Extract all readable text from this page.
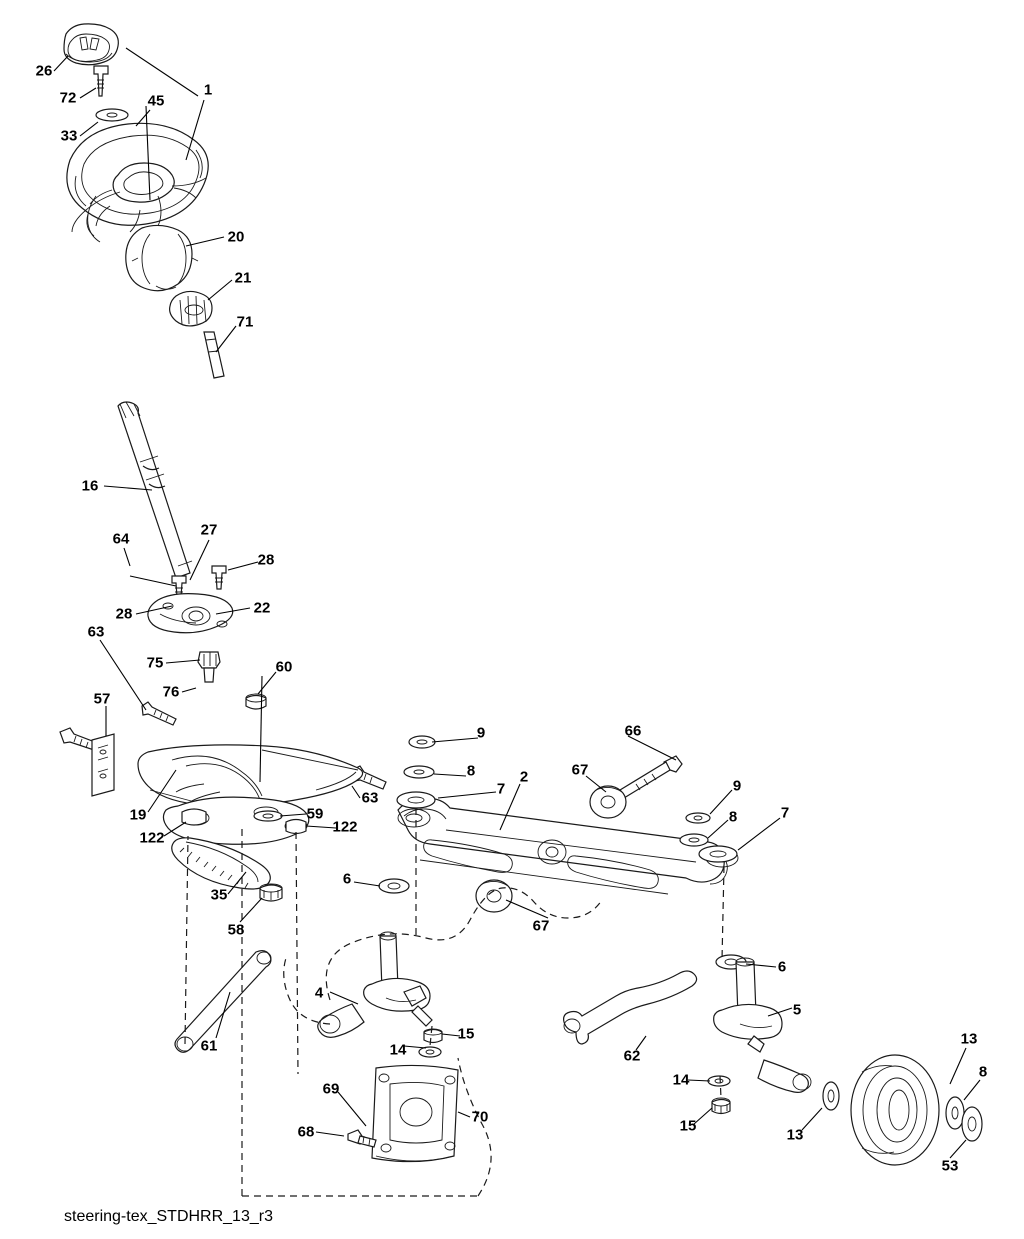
26
72	1
45
33
20
21
71
16
64
27
28
28	22
63
75	60
76
57
9	66
8	67
7
2
9
19
63
59	8	7
122
122
6
35
67
58
6
4
5
61
15
14	62
13
14	8
69
70
15
68	13
53
steering-tex_STDHRR_13_r3
